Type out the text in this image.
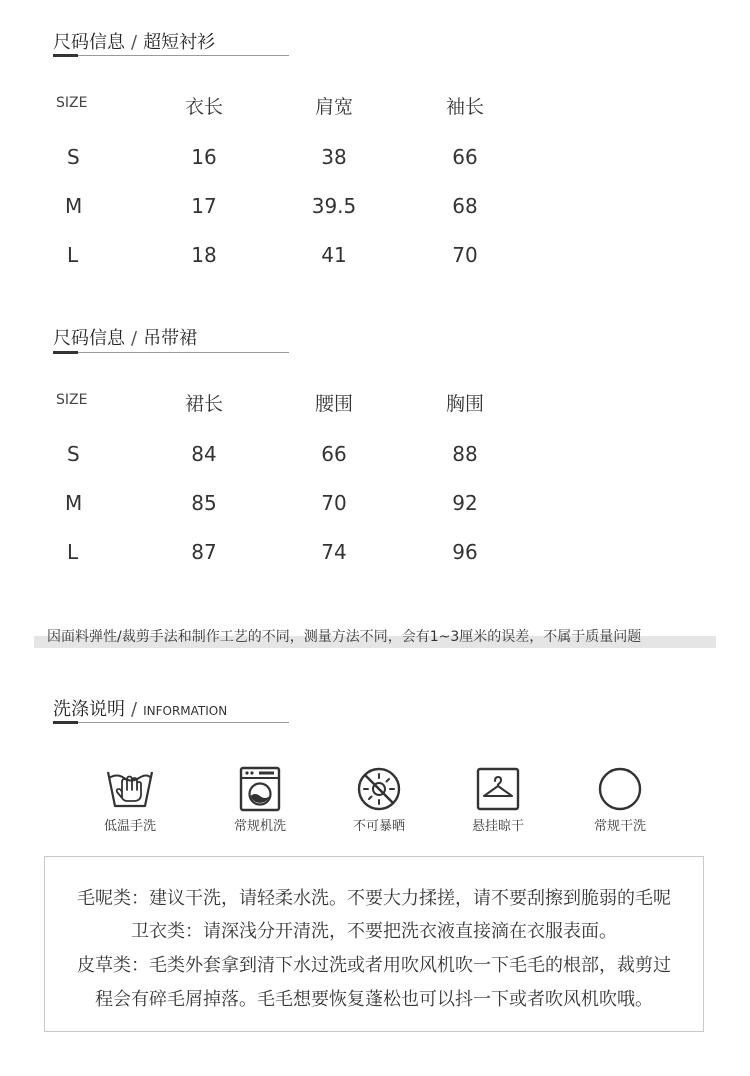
尺码信息 / 超短衬衫
SIZE	衣长	肩宽	袖长
S	16	38	66
M	17	39.5	68
L	18	41	70
尺码信息 / 吊带裙
SIZE	裙长	腰围	胸围
S	84	66	88
M	85	70	92
L	87	74	96
因面料弹性/裁剪手法和制作工艺的不同，测量方法不同，会有1~3厘米的误差，不属于质量问题
洗涤说明 / INFORMATION
低温手洗	常规机洗	不可暴晒	悬挂晾干	常规干洗
毛呢类：建议干洗，请轻柔水洗。不要大力揉搓，请不要刮擦到脆弱的毛呢
卫衣类：请深浅分开清洗，不要把洗衣液直接滴在衣服表面。
皮草类：毛类外套拿到清下水过洗或者用吹风机吹一下毛毛的根部，裁剪过
程会有碎毛屑掉落。毛毛想要恢复蓬松也可以抖一下或者吹风机吹哦。
